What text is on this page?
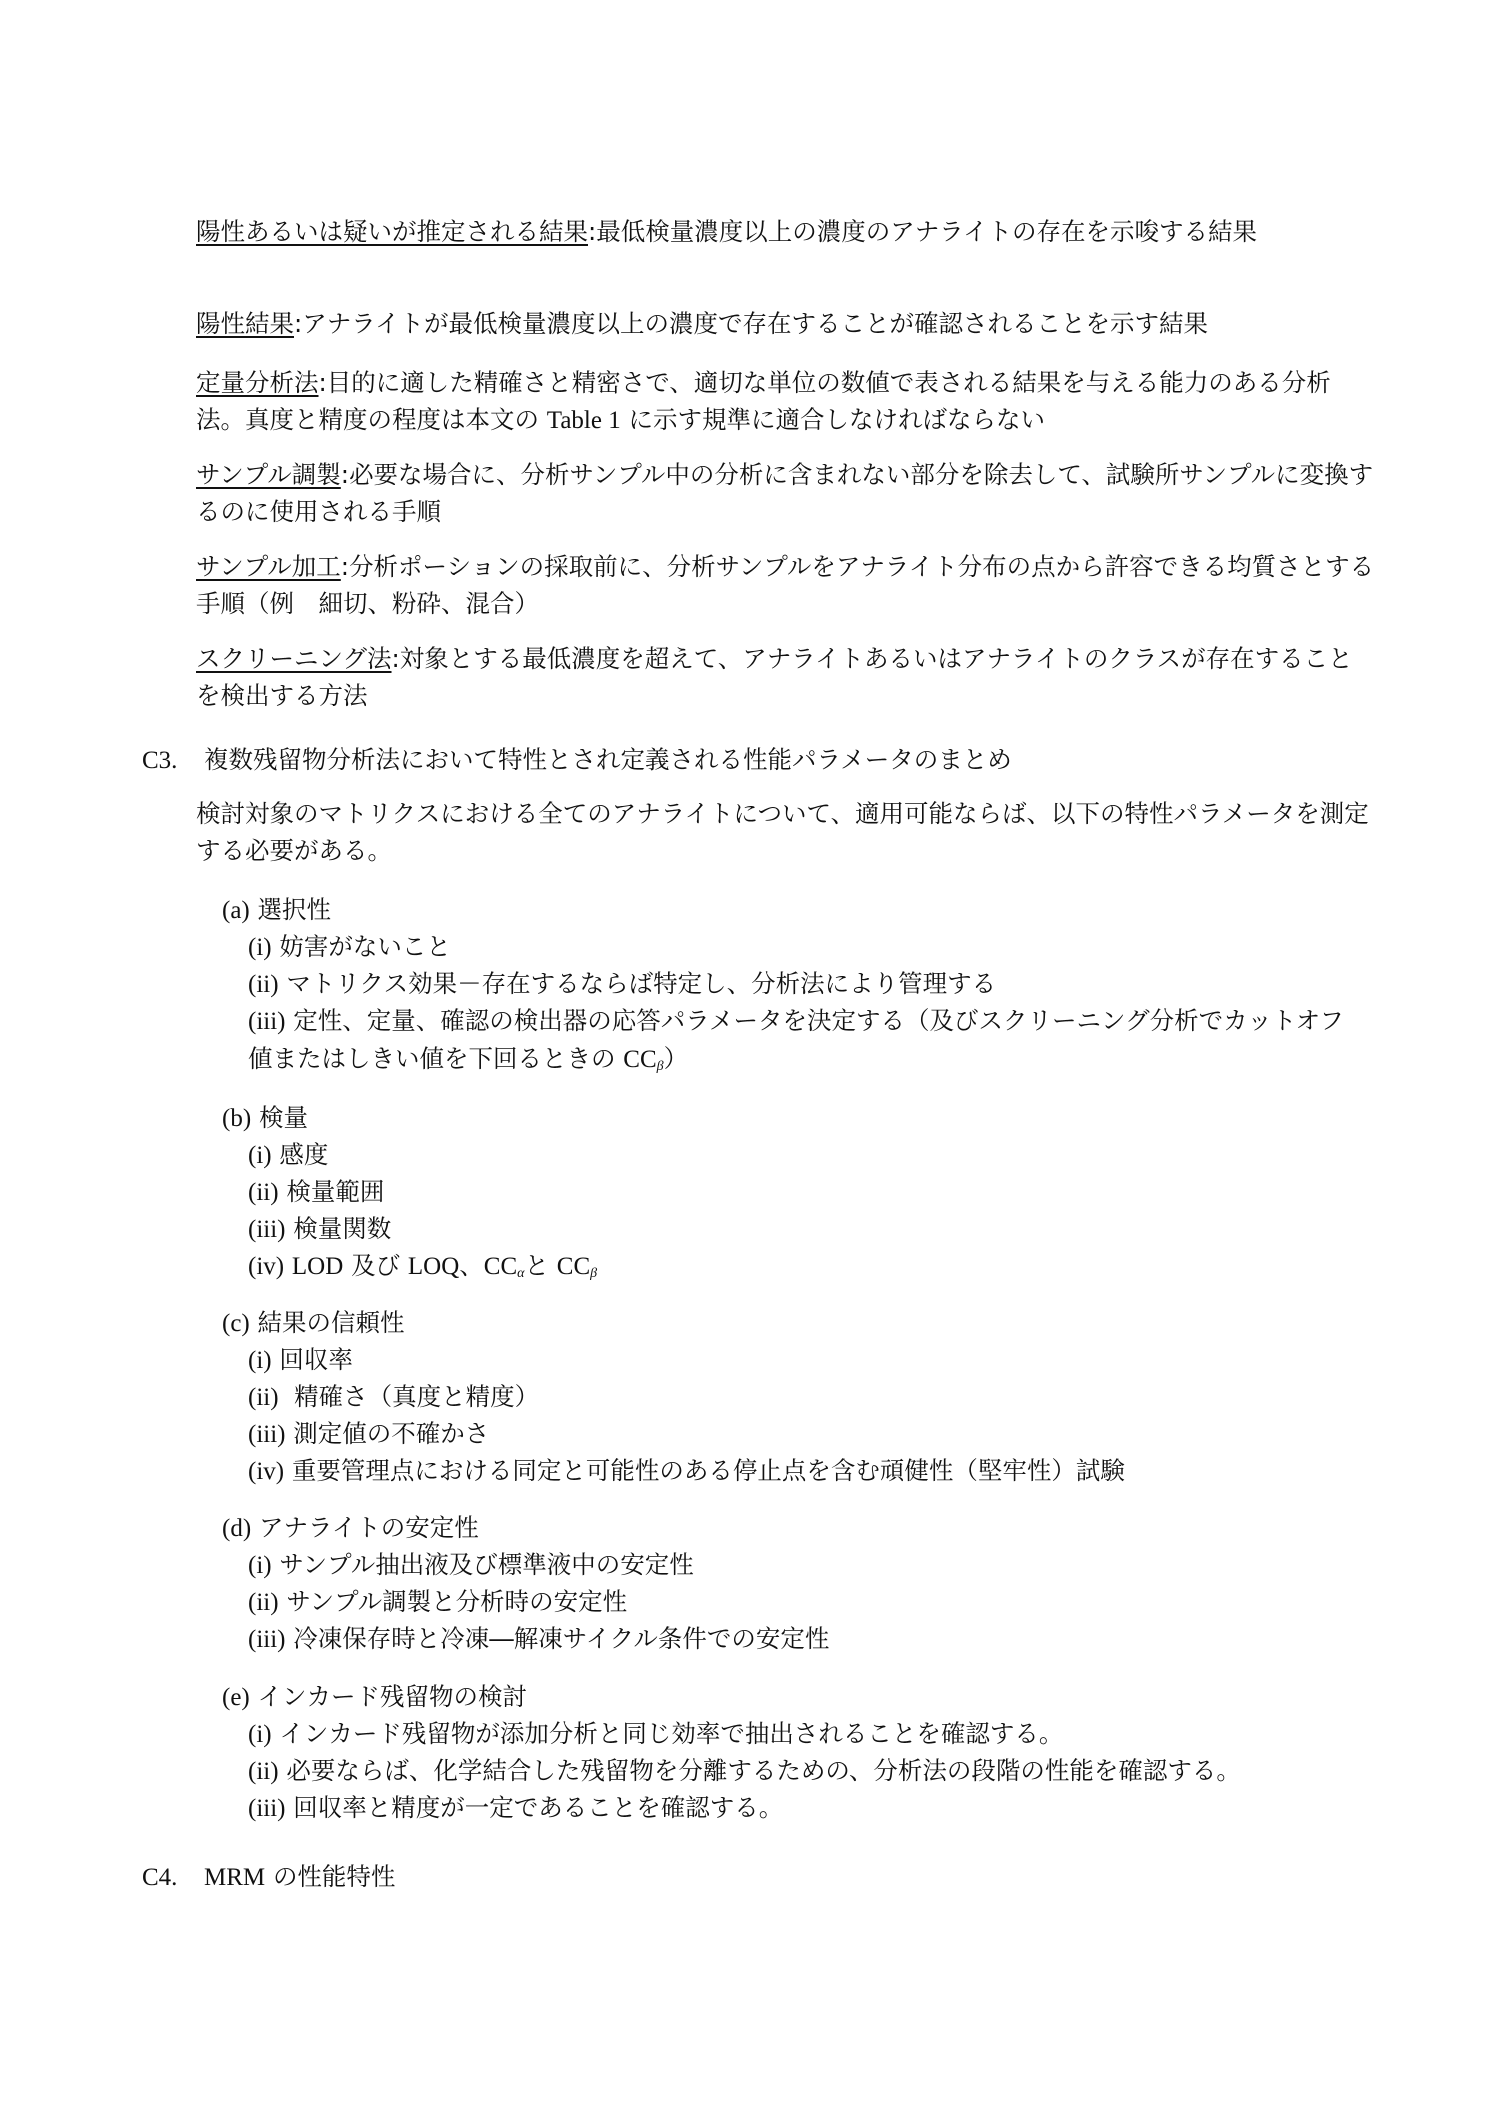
陽性あるいは疑いが推定される結果:最低検量濃度以上の濃度のアナライトの存在を示唆する結果
陽性結果:アナライトが最低検量濃度以上の濃度で存在することが確認されることを示す結果
定量分析法:目的に適した精確さと精密さで、適切な単位の数値で表される結果を与える能力のある分析法。真度と精度の程度は本文の Table 1 に示す規準に適合しなければならない
サンプル調製:必要な場合に、分析サンプル中の分析に含まれない部分を除去して、試験所サンプルに変換するのに使用される手順
サンプル加工:分析ポーションの採取前に、分析サンプルをアナライト分布の点から許容できる均質さとする手順（例　細切、粉砕、混合）
スクリーニング法:対象とする最低濃度を超えて、アナライトあるいはアナライトのクラスが存在することを検出する方法
C3. 複数残留物分析法において特性とされ定義される性能パラメータのまとめ
検討対象のマトリクスにおける全てのアナライトについて、適用可能ならば、以下の特性パラメータを測定する必要がある。
(a) 選択性
(i) 妨害がないこと
(ii) マトリクス効果－存在するならば特定し、分析法により管理する
(iii) 定性、定量、確認の検出器の応答パラメータを決定する（及びスクリーニング分析でカットオフ値またはしきい値を下回るときの $CC_\beta$）
(b) 検量
(i) 感度
(ii) 検量範囲
(iii) 検量関数
(iv) LOD 及び LOQ、$CC_\alpha$と $CC_\beta$
(c) 結果の信頼性
(i) 回収率
(ii) 精確さ（真度と精度）
(iii) 測定値の不確かさ
(iv) 重要管理点における同定と可能性のある停止点を含む頑健性（堅牢性）試験
(d) アナライトの安定性
(i) サンプル抽出液及び標準液中の安定性
(ii) サンプル調製と分析時の安定性
(iii) 冷凍保存時と冷凍―解凍サイクル条件での安定性
(e) インカード残留物の検討
(i) インカード残留物が添加分析と同じ効率で抽出されることを確認する。
(ii) 必要ならば、化学結合した残留物を分離するための、分析法の段階の性能を確認する。
(iii) 回収率と精度が一定であることを確認する。
C4. MRM の性能特性
